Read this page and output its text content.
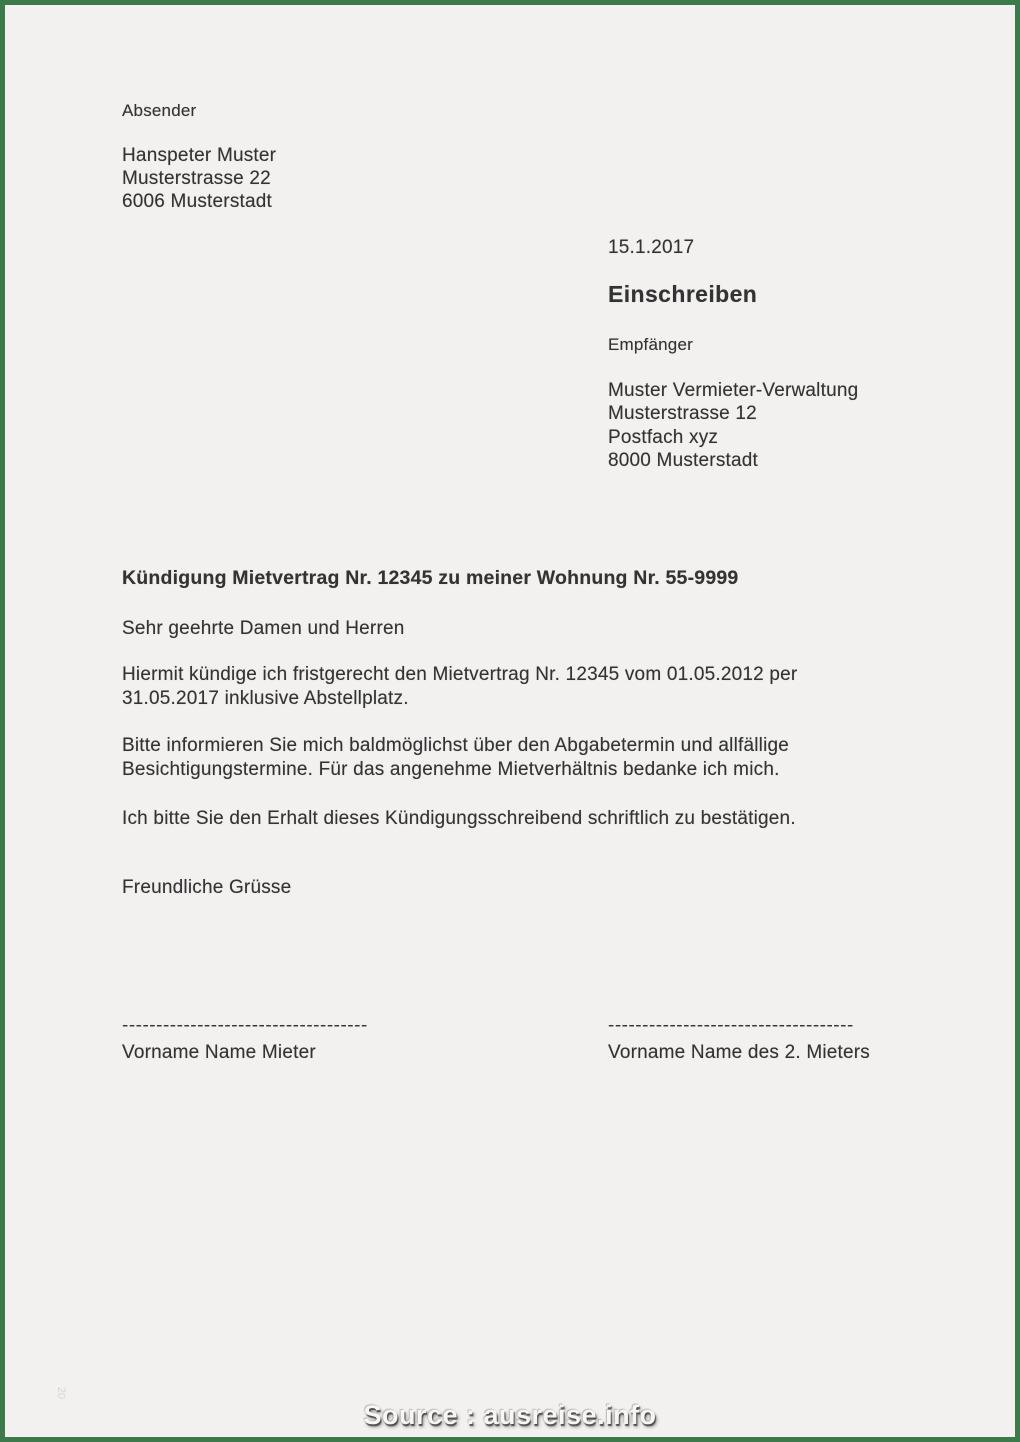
Absender
Hanspeter Muster
Musterstrasse 22
6006 Musterstadt
15.1.2017
Einschreiben
Empfänger
Muster Vermieter-Verwaltung
Musterstrasse 12
Postfach xyz
8000 Musterstadt
Kündigung Mietvertrag Nr. 12345 zu meiner Wohnung Nr. 55-9999
Sehr geehrte Damen und Herren
Hiermit kündige ich fristgerecht den Mietvertrag Nr. 12345 vom 01.05.2012 per 31.05.2017 inklusive Abstellplatz.
Bitte informieren Sie mich baldmöglichst über den Abgabetermin und allfällige Besichtigungstermine. Für das angenehme Mietverhältnis bedanke ich mich.
Ich bitte Sie den Erhalt dieses Kündigungsschreibend schriftlich zu bestätigen.
Freundliche Grüsse
------------------------------------
Vorname Name Mieter
------------------------------------
Vorname Name des 2. Mieters
20
Source : ausreise.info
